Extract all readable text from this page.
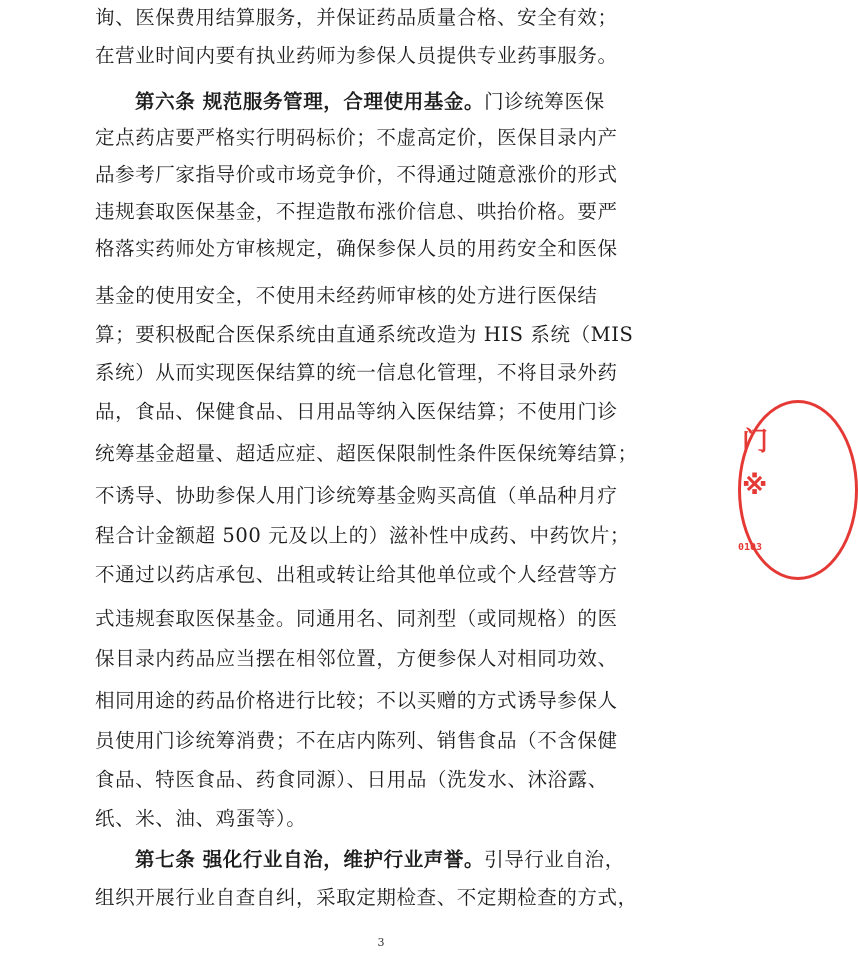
询、医保费用结算服务，并保证药品质量合格、安全有效；
在营业时间内要有执业药师为参保人员提供专业药事服务。
第六条 规范服务管理，合理使用基金。门诊统筹医保
定点药店要严格实行明码标价；不虚高定价，医保目录内产
品参考厂家指导价或市场竞争价，不得通过随意涨价的形式
违规套取医保基金，不捏造散布涨价信息、哄抬价格。要严
格落实药师处方审核规定，确保参保人员的用药安全和医保
基金的使用安全，不使用未经药师审核的处方进行医保结
算；要积极配合医保系统由直通系统改造为 HIS 系统（MIS
系统）从而实现医保结算的统一信息化管理，不将目录外药
品，食品、保健食品、日用品等纳入医保结算；不使用门诊
统筹基金超量、超适应症、超医保限制性条件医保统筹结算；
不诱导、协助参保人用门诊统筹基金购买高值（单品种月疗
程合计金额超 500 元及以上的）滋补性中成药、中药饮片；
不通过以药店承包、出租或转让给其他单位或个人经营等方
式违规套取医保基金。同通用名、同剂型（或同规格）的医
保目录内药品应当摆在相邻位置，方便参保人对相同功效、
相同用途的药品价格进行比较；不以买赠的方式诱导参保人
员使用门诊统筹消费；不在店内陈列、销售食品（不含保健
食品、特医食品、药食同源）、日用品（洗发水、沐浴露、
纸、米、油、鸡蛋等）。
第七条 强化行业自治，维护行业声誉。引导行业自治，
组织开展行业自查自纠，采取定期检查、不定期检查的方式，
3
门
※
0103
